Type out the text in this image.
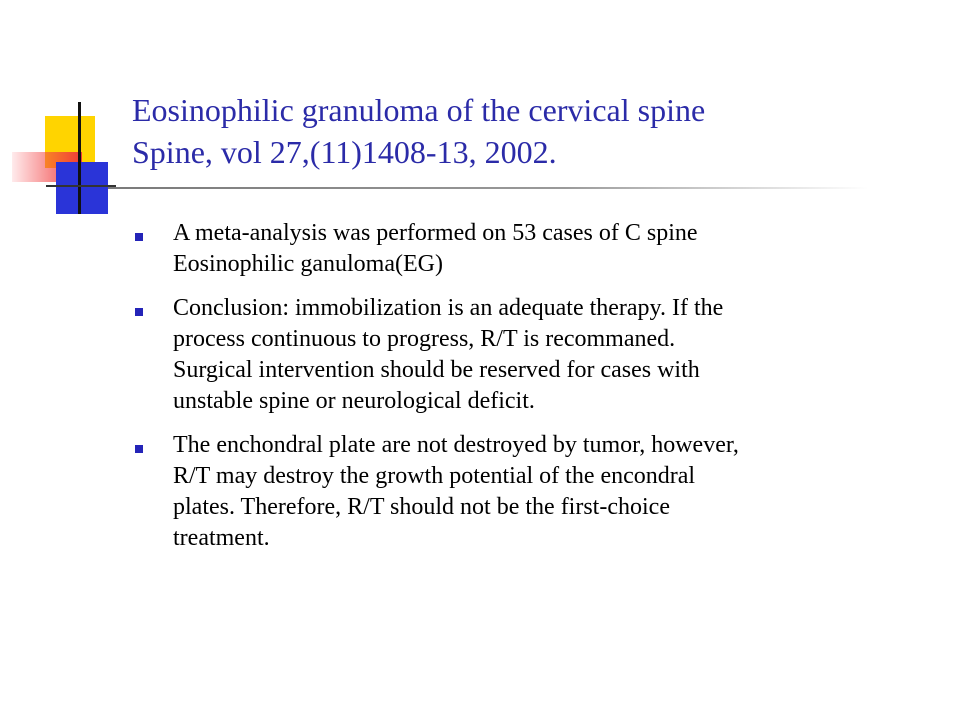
Eosinophilic granuloma of the cervical spine
Spine, vol 27,(11)1408-13, 2002.
A meta-analysis was performed on 53 cases of C spine
Eosinophilic ganuloma(EG)
Conclusion: immobilization is an adequate therapy. If the
process continuous to progress, R/T is recommaned.
Surgical intervention should be reserved for cases with
unstable spine or neurological deficit.
The enchondral plate are not destroyed by tumor, however,
R/T may destroy the growth potential of the encondral
plates. Therefore, R/T should not be the first-choice
treatment.
